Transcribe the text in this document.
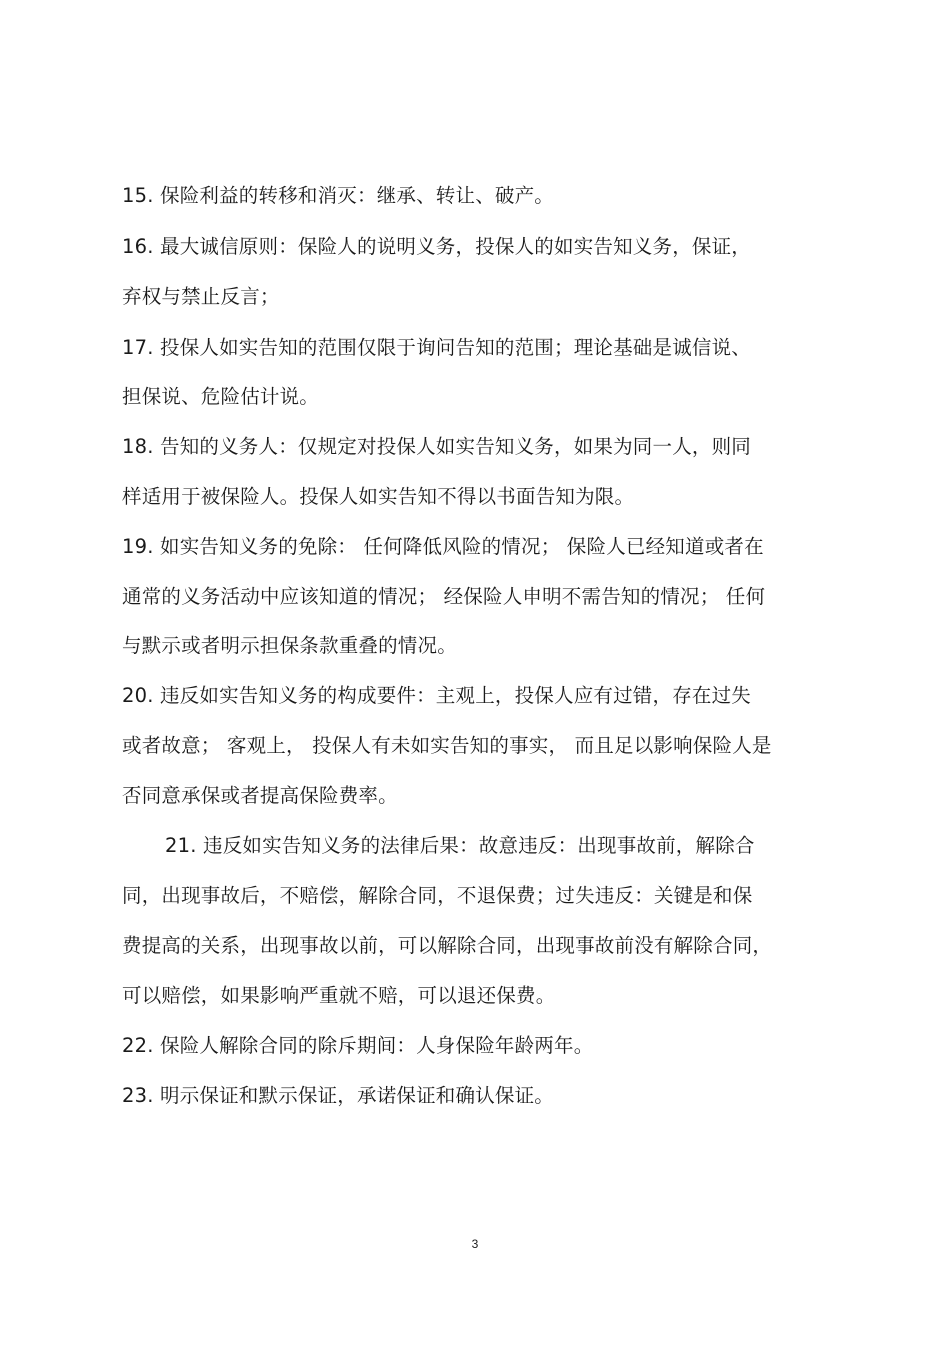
15. 保险利益的转移和消灭：继承、转让、破产。
16. 最大诚信原则：保险人的说明义务，投保人的如实告知义务，保证，
弃权与禁止反言；
17. 投保人如实告知的范围仅限于询问告知的范围；理论基础是诚信说、
担保说、危险估计说。
18. 告知的义务人：仅规定对投保人如实告知义务，如果为同一人，则同
样适用于被保险人。投保人如实告知不得以书面告知为限。
19. 如实告知义务的免除： 任何降低风险的情况； 保险人已经知道或者在
通常的义务活动中应该知道的情况； 经保险人申明不需告知的情况； 任何
与默示或者明示担保条款重叠的情况。
20. 违反如实告知义务的构成要件：主观上，投保人应有过错，存在过失
或者故意； 客观上， 投保人有未如实告知的事实， 而且足以影响保险人是
否同意承保或者提高保险费率。
21. 违反如实告知义务的法律后果：故意违反：出现事故前，解除合
同，出现事故后，不赔偿，解除合同，不退保费；过失违反：关键是和保
费提高的关系，出现事故以前，可以解除合同，出现事故前没有解除合同，
可以赔偿，如果影响严重就不赔，可以退还保费。
22. 保险人解除合同的除斥期间：人身保险年龄两年。
23. 明示保证和默示保证，承诺保证和确认保证。
3
